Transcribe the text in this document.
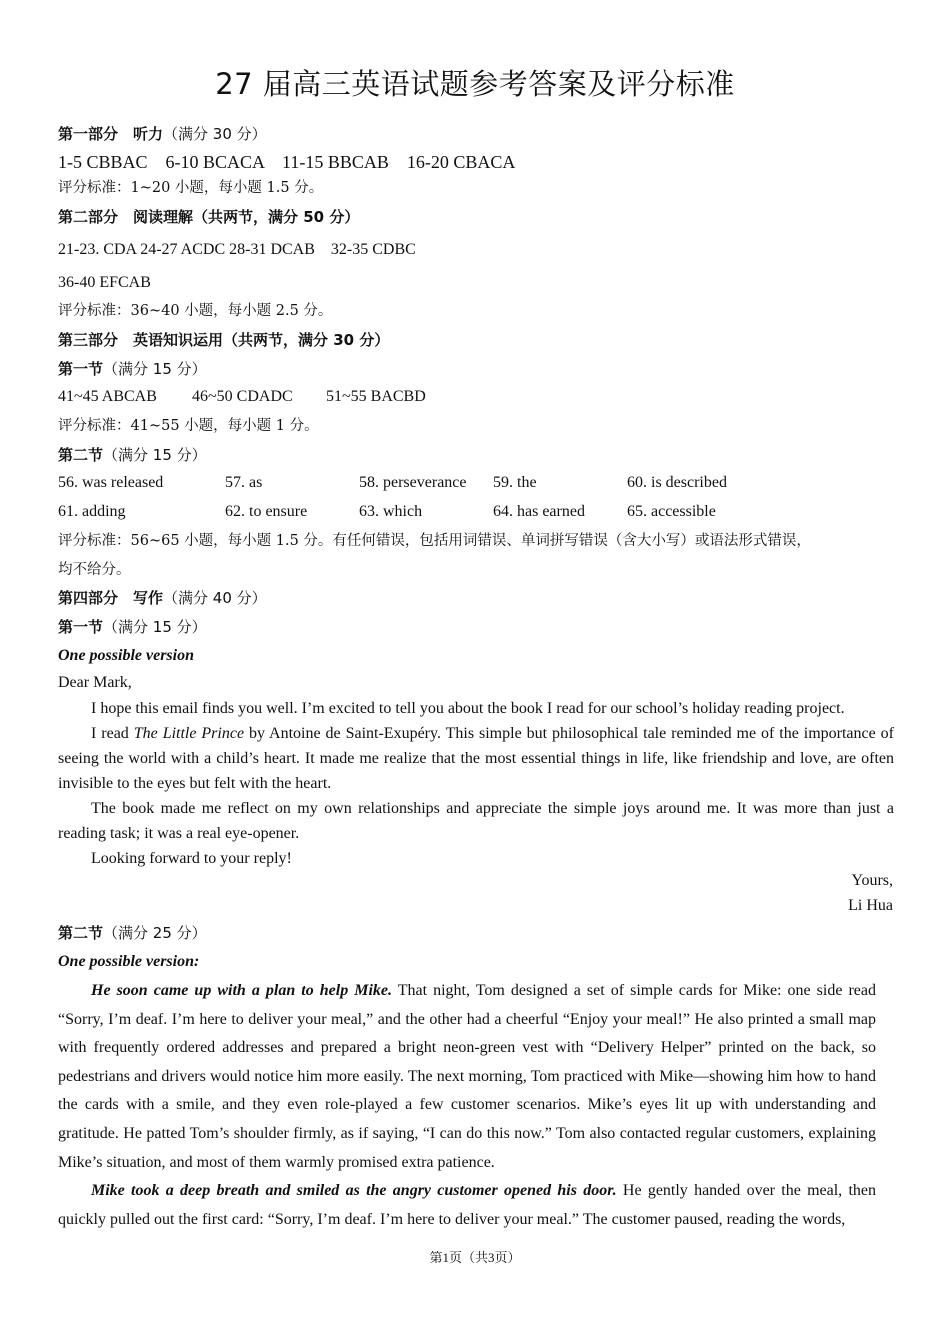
27 届高三英语试题参考答案及评分标准
第一部分　听力（满分 30 分）
1-5 CBBAC　6-10 BCACA　11-15 BBCAB　16-20 CBACA
评分标准：1~20 小题，每小题 1.5 分。
第二部分　阅读理解（共两节，满分 50 分）
21-23. CDA 24-27 ACDC 28-31 DCAB　32-35 CDBC
36-40 EFCAB
评分标准：36~40 小题，每小题 2.5 分。
第三部分　英语知识运用（共两节，满分 30 分）
第一节（满分 15 分）
41~45 ABCAB 46~50 CDADC 51~55 BACBD
评分标准：41~55 小题，每小题 1 分。
第二节（满分 15 分）
56. was released	57. as	58. perseverance 59. the	60. is described
61. adding	62. to ensure	63. which	64. has earned	65. accessible
评分标准：56~65 小题，每小题 1.5 分。有任何错误，包括用词错误、单词拼写错误（含大小写）或语法形式错误，
均不给分。
第四部分　写作（满分 40 分）
第一节（满分 15 分）
One possible version
Dear Mark,
I hope this email finds you well. I’m excited to tell you about the book I read for our school’s holiday reading project.
I read The Little Prince by Antoine de Saint-Exupéry. This simple but philosophical tale reminded me of the importance of seeing the world with a child’s heart. It made me realize that the most essential things in life, like friendship and love, are often invisible to the eyes but felt with the heart.
The book made me reflect on my own relationships and appreciate the simple joys around me. It was more than just a reading task; it was a real eye-opener.
Looking forward to your reply!
Yours,
Li Hua
第二节（满分 25 分）
One possible version:
He soon came up with a plan to help Mike. That night, Tom designed a set of simple cards for Mike: one side read “Sorry, I’m deaf. I’m here to deliver your meal,” and the other had a cheerful “Enjoy your meal!” He also printed a small map with frequently ordered addresses and prepared a bright neon-green vest with “Delivery Helper” printed on the back, so pedestrians and drivers would notice him more easily. The next morning, Tom practiced with Mike—showing him how to hand the cards with a smile, and they even role-played a few customer scenarios. Mike’s eyes lit up with understanding and gratitude. He patted Tom’s shoulder firmly, as if saying, “I can do this now.” Tom also contacted regular customers, explaining Mike’s situation, and most of them warmly promised extra patience.
Mike took a deep breath and smiled as the angry customer opened his door. He gently handed over the meal, then quickly pulled out the first card: “Sorry, I’m deaf. I’m here to deliver your meal.” The customer paused, reading the words,
第1页（共3页）
